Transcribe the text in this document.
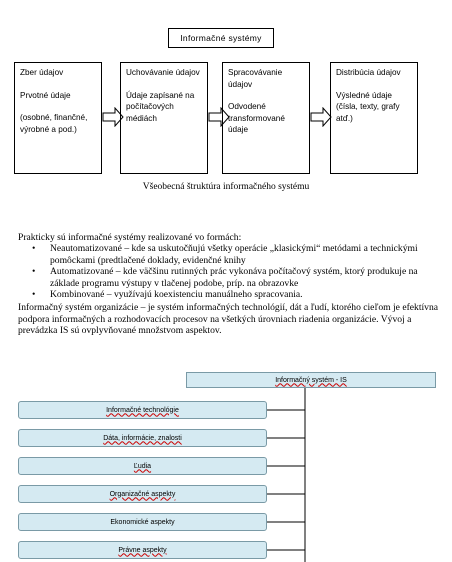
Informačné systémy
Zber údajov
Prvotné údaje
(osobné, finančné, výrobné a pod.)
Uchovávanie údajov
Údaje zapísané na počítačových médiách
Spracovávanie údajov
Odvodené transformované údaje
Distribúcia údajov
Výsledné údaje (čísla, texty, grafy atď.)
Všeobecná štruktúra informačného systému
Prakticky sú informačné systémy realizované vo formách:
• Neautomatizované – kde sa uskutočňujú všetky operácie „klasickými“ metódami a technickými pomôckami (predtlačené doklady, evidenčné knihy
• Automatizované – kde väčšinu rutinných prác vykonáva počítačový systém, ktorý produkuje na základe programu výstupy v tlačenej podobe, príp. na obrazovke
• Kombinované – využívajú koexistenciu manuálneho spracovania.
Informačný systém organizácie – je systém informačných technológií, dát a ľudí, ktorého cieľom je efektívna podpora informačných a rozhodovacích procesov na všetkých úrovniach riadenia organizácie. Vývoj a prevádzka IS sú ovplyvňované množstvom aspektov.
Informačný systém - IS
Informačné technológie
Dáta, informácie, znalosti
Ľudia
Organizačné aspekty
Ekonomické aspekty
Právne aspekty
